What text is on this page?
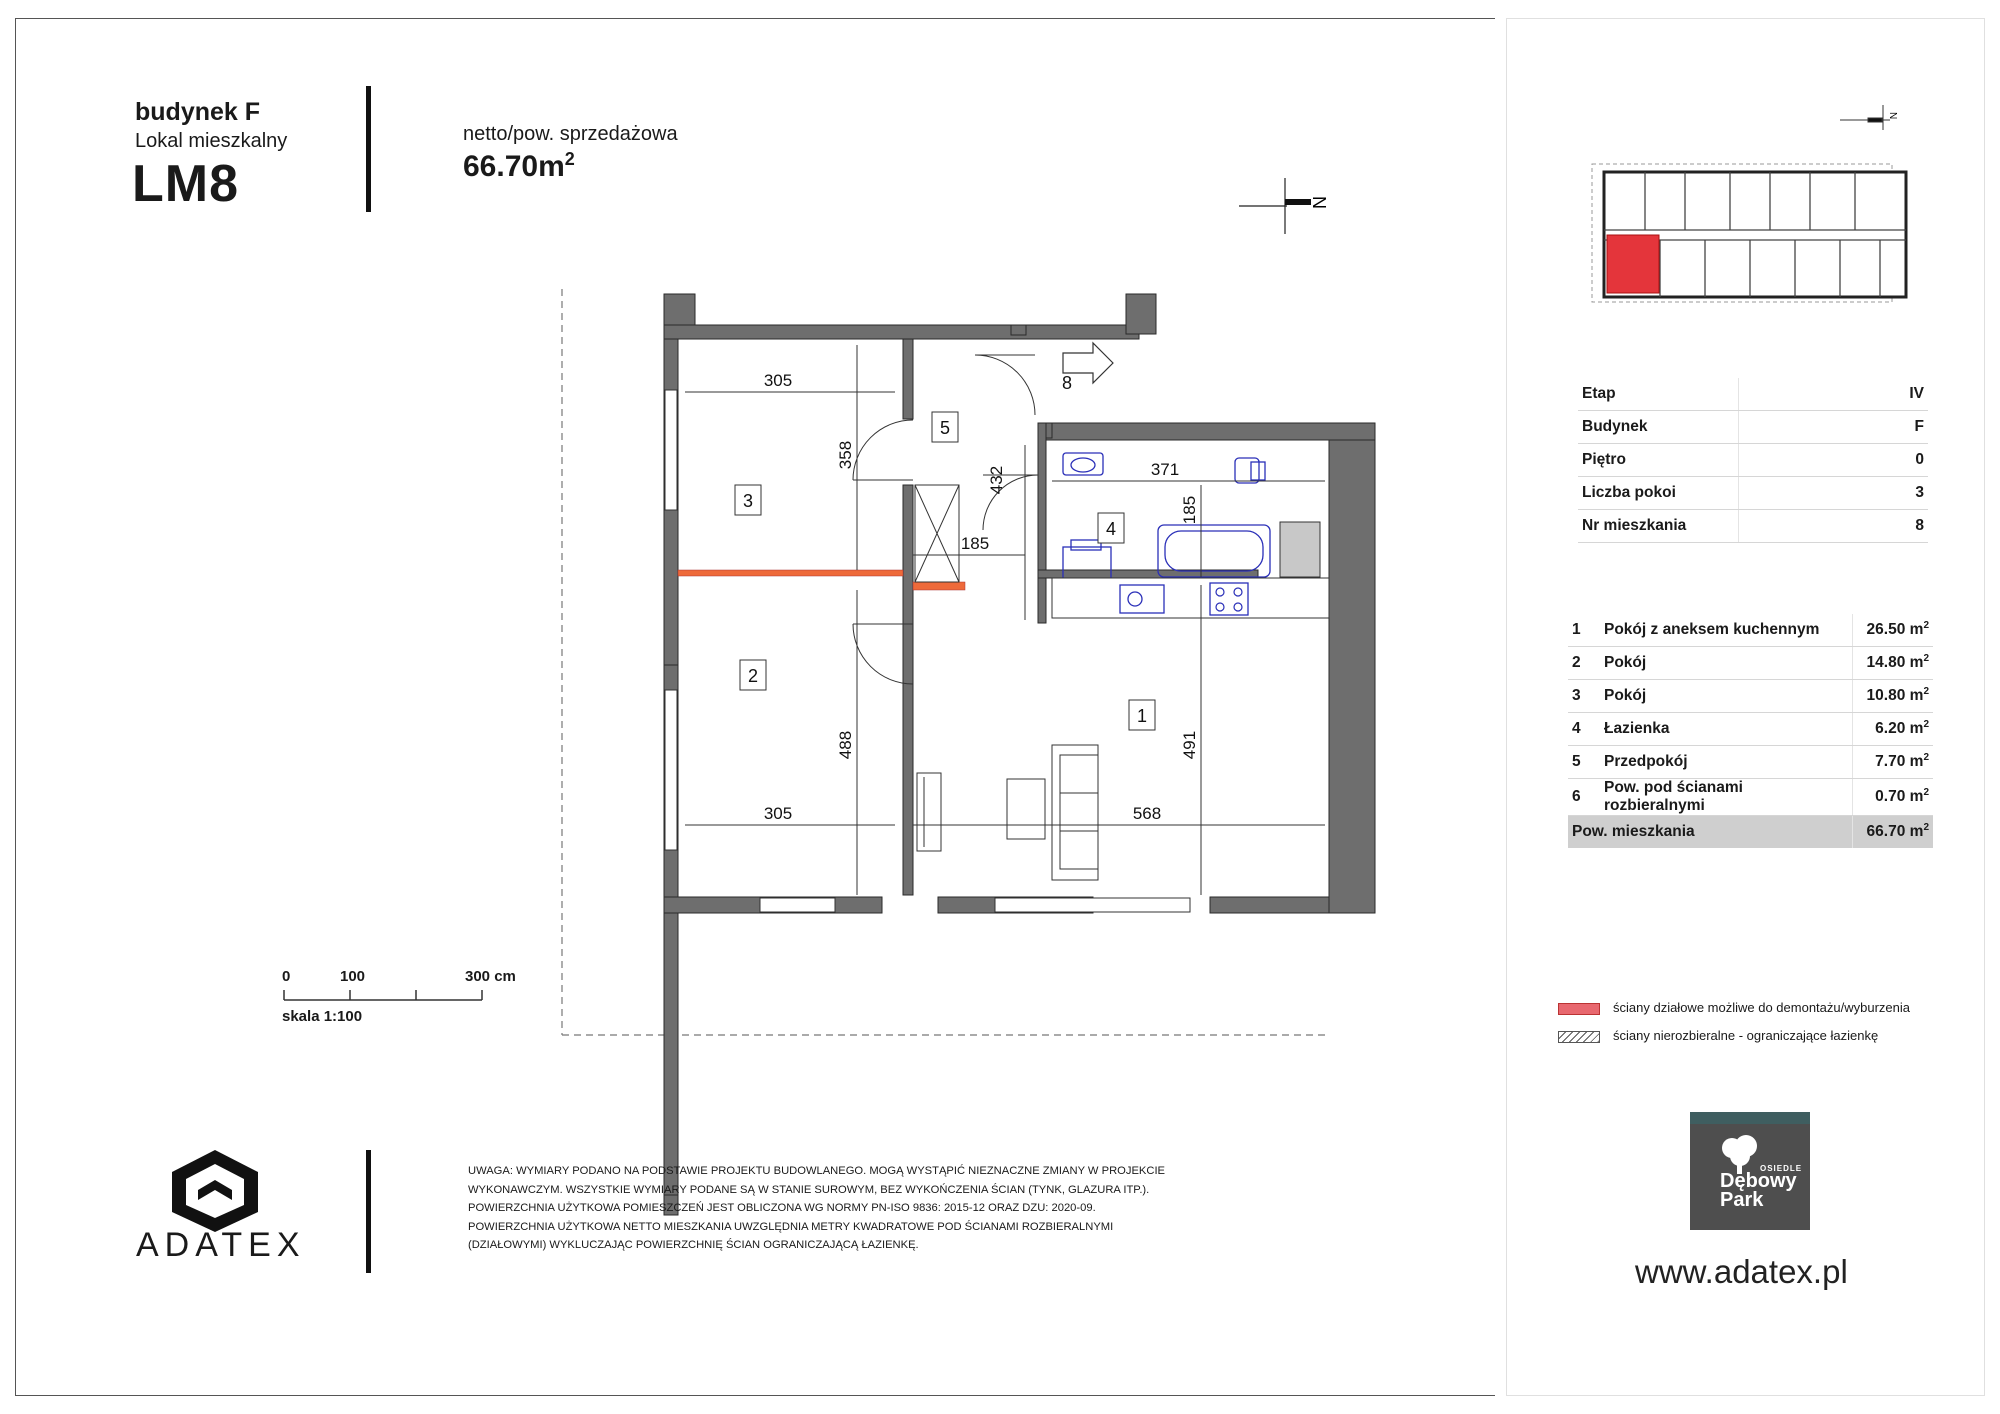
budynek F
Lokal mieszkalny
LM8
netto/pow. sprzedażowa
$66.70m^2$
N
305
358
432	371
185
185
488	491
305	568
1
2
3
4
5
8
0	100	300 cm
skala 1:100
ADATEX
UWAGA: WYMIARY PODANO NA PODSTAWIE PROJEKTU BUDOWLANEGO. MOGĄ WYSTĄPIĆ NIEZNACZNE ZMIANY W PROJEKCIE
WYKONAWCZYM. WSZYSTKIE WYMIARY PODANE SĄ W STANIE SUROWYM, BEZ WYKOŃCZENIA ŚCIAN (TYNK, GLAZURA ITP.).
POWIERZCHNIA UŻYTKOWA POMIESZCZEŃ JEST OBLICZONA WG NORMY PN-ISO 9836: 2015-12 ORAZ DZU: 2020-09.
POWIERZCHNIA UŻYTKOWA NETTO MIESZKANIA UWZGLĘDNIA METRY KWADRATOWE POD ŚCIANAMI ROZBIERALNYMI
(DZIAŁOWYMI) WYKLUCZAJĄC POWIERZCHNIĘ ŚCIAN OGRANICZAJĄCĄ ŁAZIENKĘ.
N
Etap	IV
Budynek	F
Piętro	0
Liczba pokoi	3
Nr mieszkania	8
1	Pokój z aneksem kuchennym	26.50 $m^2$
2	Pokój	14.80 $m^2$
3	Pokój	10.80 $m^2$
4	Łazienka	6.20 $m^2$
5	Przedpokój	7.70 $m^2$
6	Pow. pod ścianami rozbieralnymi	0.70 $m^2$
Pow. mieszkania		66.70 $m^2$
ściany działowe możliwe do demontażu/wyburzenia
ściany nierozbieralne - ograniczające łazienkę
OSIEDLE
Dębowy
Park
www.adatex.pl
